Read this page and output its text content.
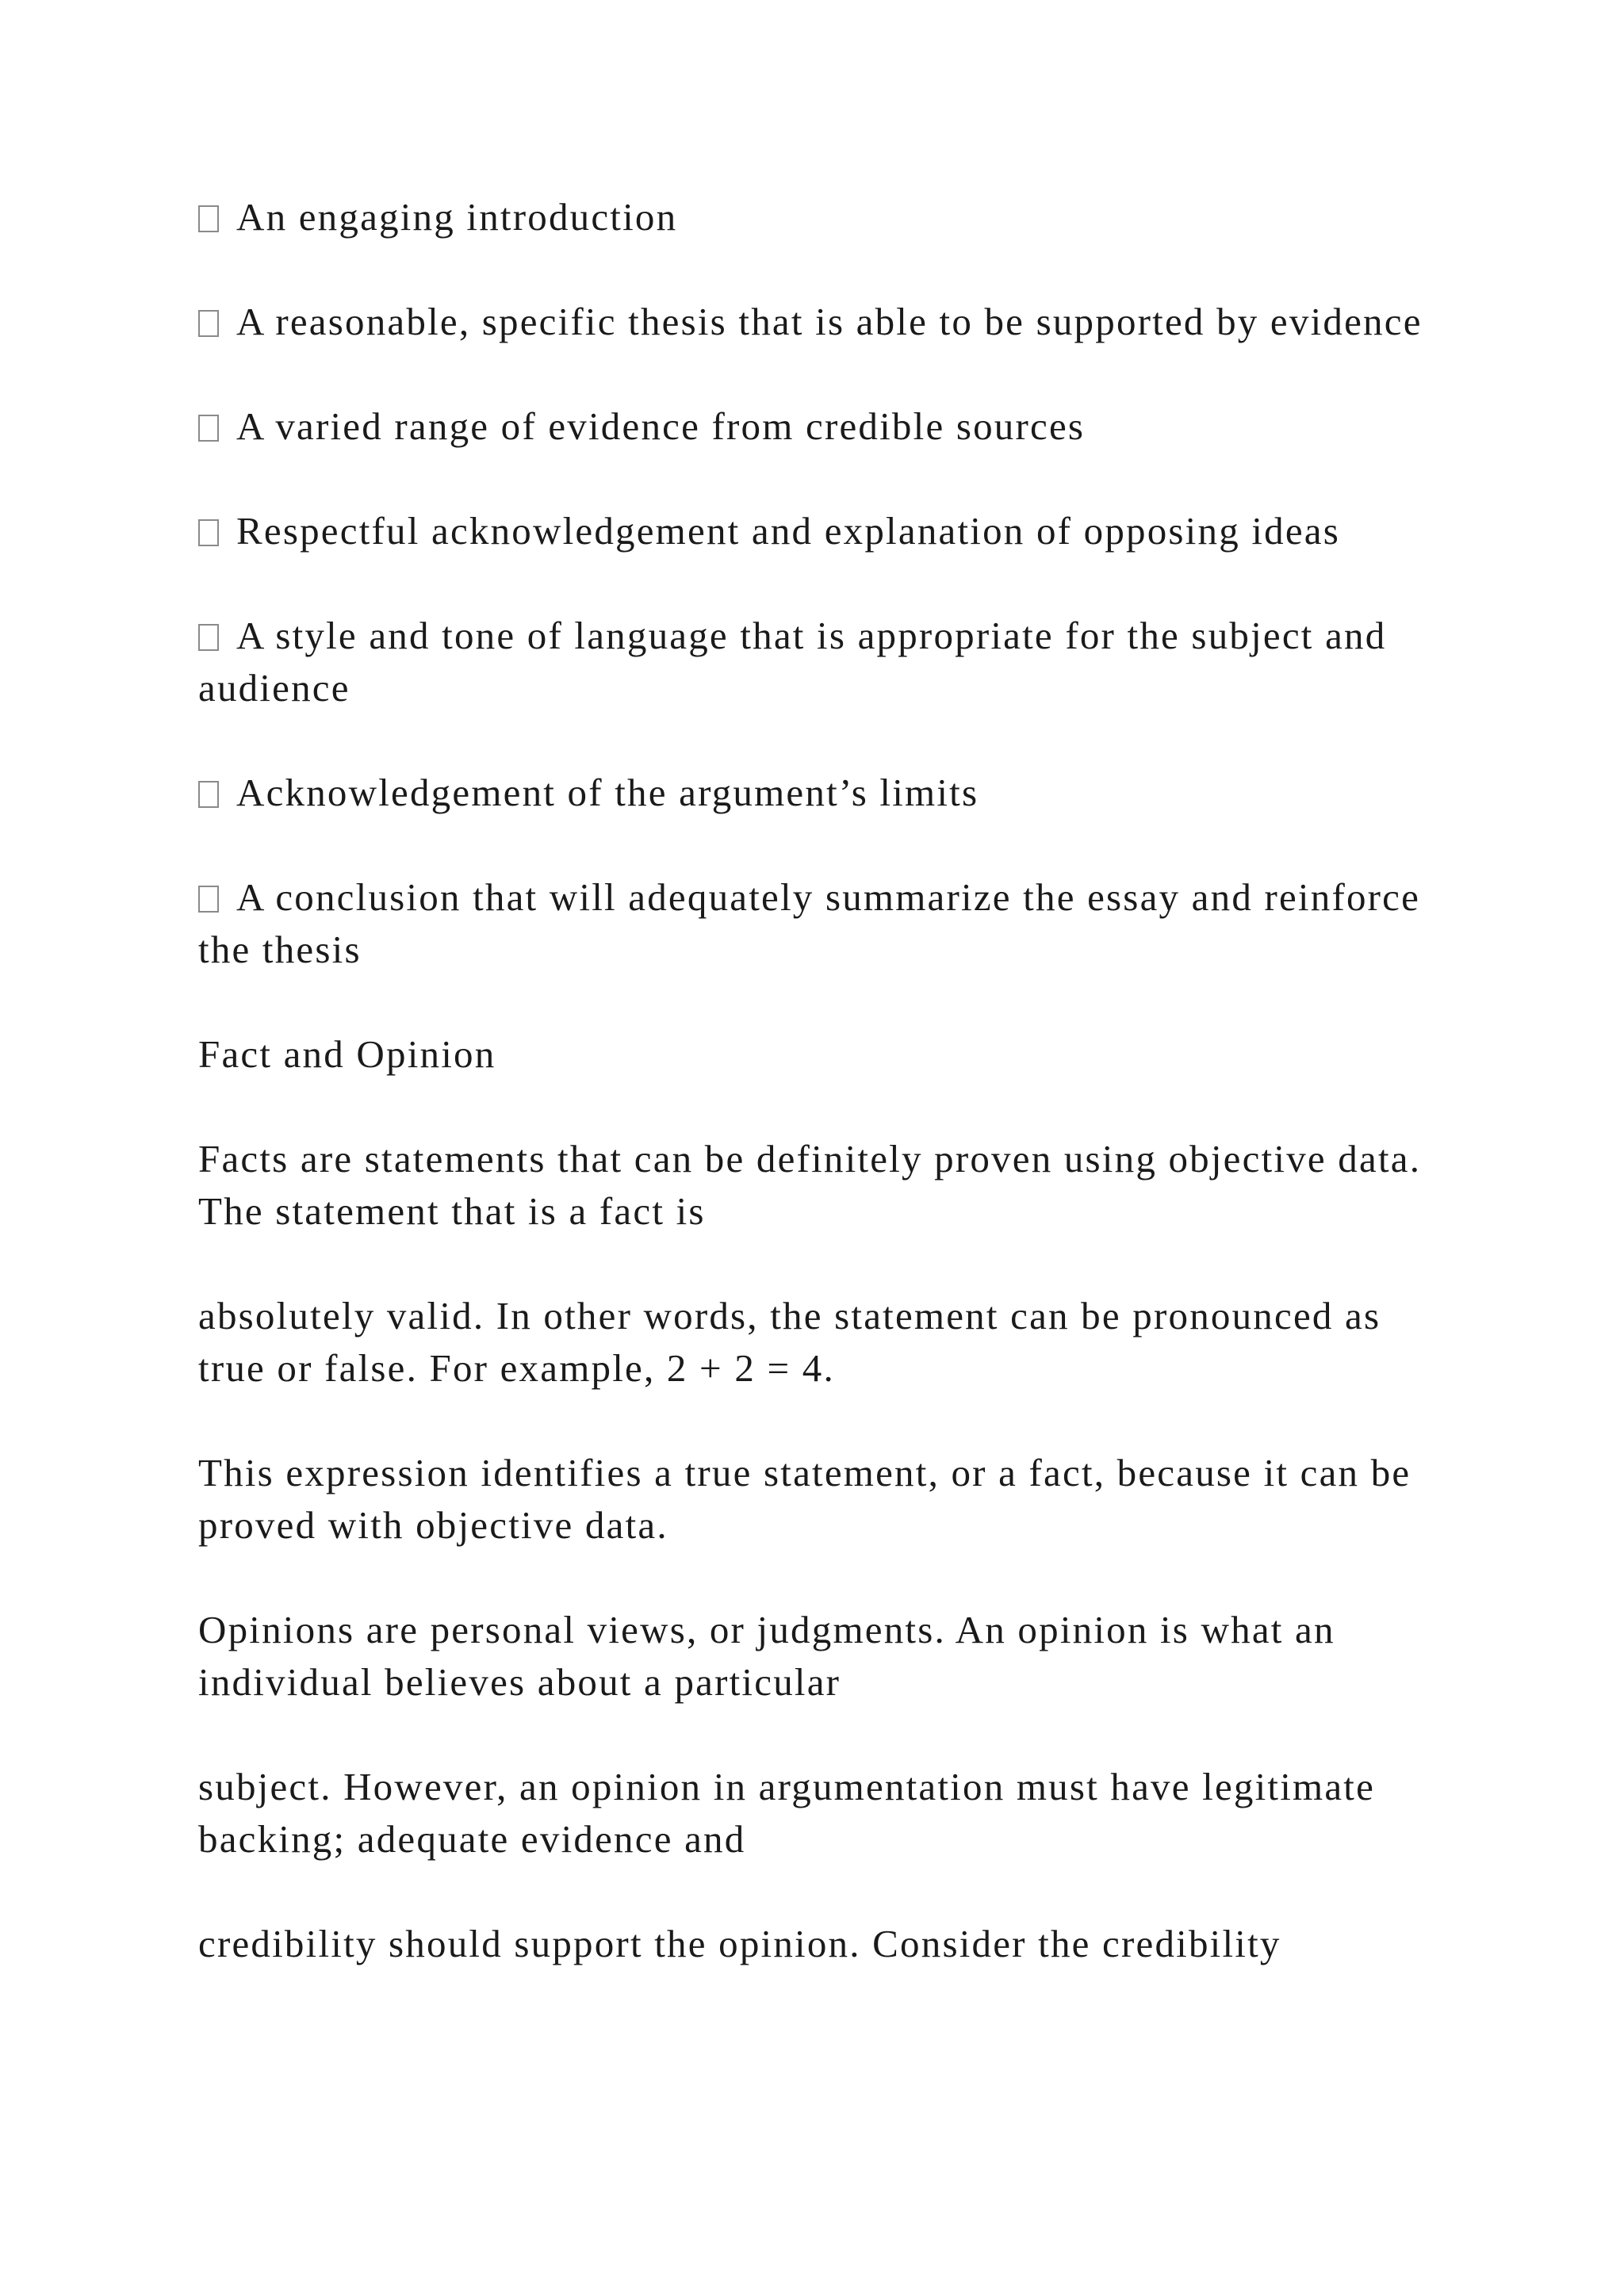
An engaging introduction

A reasonable, specific thesis that is able to be supported by evidence

A varied range of evidence from credible sources

Respectful acknowledgement and explanation of opposing ideas

A style and tone of language that is appropriate for the subject and audience

Acknowledgement of the argument’s limits

A conclusion that will adequately summarize the essay and reinforce the thesis

Fact and Opinion

Facts are statements that can be definitely proven using objective data. The statement that is a fact is

absolutely valid. In other words, the statement can be pronounced as true or false. For example, 2 + 2 = 4.

This expression identifies a true statement, or a fact, because it can be proved with objective data.

Opinions are personal views, or judgments. An opinion is what an individual believes about a particular

subject. However, an opinion in argumentation must have legitimate backing; adequate evidence and

credibility should support the opinion. Consider the credibility
